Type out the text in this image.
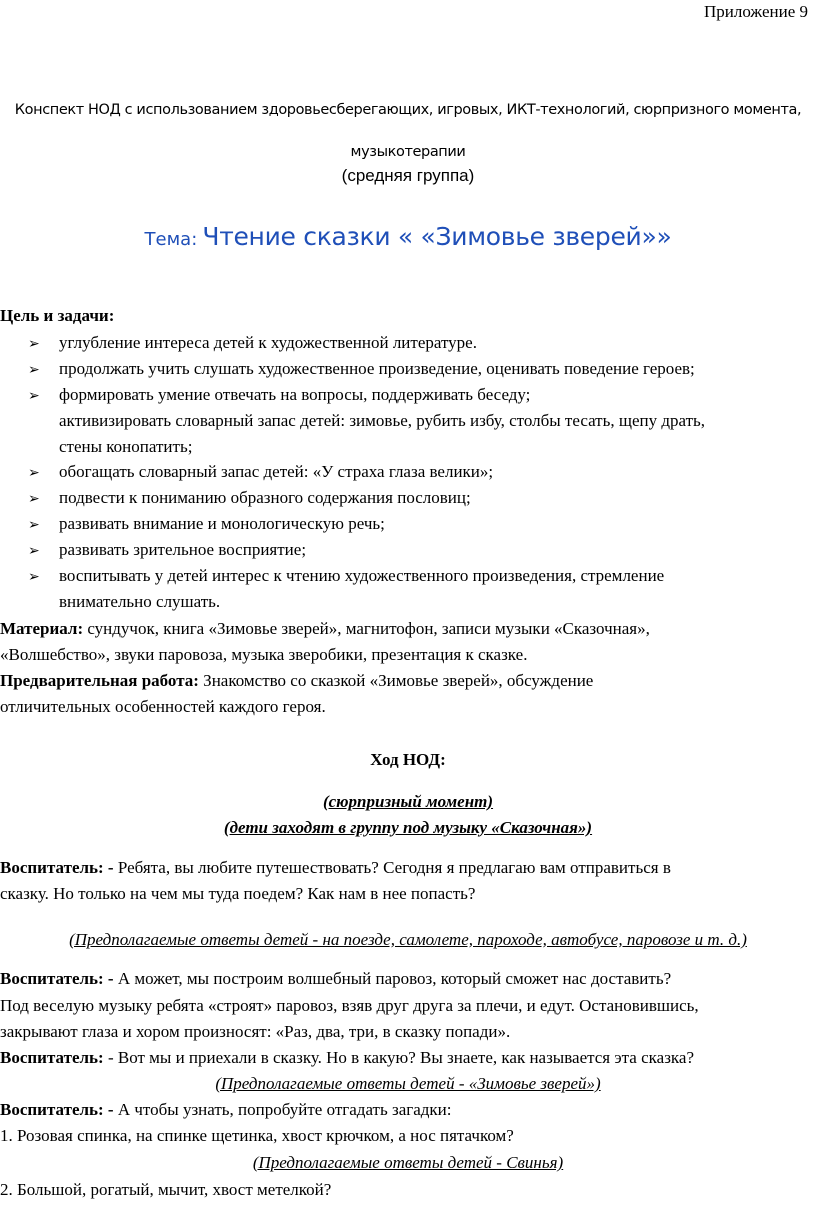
Приложение 9
Конспект НОД с использованием здоровьесберегающих, игровых, ИКТ-технологий, сюрпризного момента,
музыкотерапии
(средняя группа)
Тема: Чтение сказки « «Зимовье зверей»»
Цель и задачи:
➢ углубление интереса детей к художественной литературе.
➢ продолжать учить слушать художественное произведение, оценивать поведение героев;
➢ формировать умение отвечать на вопросы, поддерживать беседу;
активизировать словарный запас детей: зимовье, рубить избу, столбы тесать, щепу драть,
стены конопатить;
➢ обогащать словарный запас детей: «У страха глаза велики»;
➢ подвести к пониманию образного содержания пословиц;
➢ развивать внимание и монологическую речь;
➢ развивать зрительное восприятие;
➢ воспитывать у детей интерес к чтению художественного произведения, стремление
внимательно слушать.
Материал: сундучок, книга «Зимовье зверей», магнитофон, записи музыки «Сказочная»,
«Волшебство», звуки паровоза, музыка зверобики, презентация к сказке.
Предварительная работа: Знакомство со сказкой «Зимовье зверей», обсуждение
отличительных особенностей каждого героя.
Ход НОД:
(сюрпризный момент)
(дети заходят в группу под музыку «Сказочная»)
Воспитатель: - Ребята, вы любите путешествовать? Сегодня я предлагаю вам отправиться в
сказку. Но только на чем мы туда поедем? Как нам в нее попасть?
(Предполагаемые ответы детей - на поезде, самолете, пароходе, автобусе, паровозе и т. д.)
Воспитатель: - А может, мы построим волшебный паровоз, который сможет нас доставить?
Под веселую музыку ребята «строят» паровоз, взяв друг друга за плечи, и едут. Остановившись,
закрывают глаза и хором произносят: «Раз, два, три, в сказку попади».
Воспитатель: - Вот мы и приехали в сказку. Но в какую? Вы знаете, как называется эта сказка?
(Предполагаемые ответы детей - «Зимовье зверей»)
Воспитатель: - А чтобы узнать, попробуйте отгадать загадки:
1. Розовая спинка, на спинке щетинка, хвост крючком, а нос пятачком?
(Предполагаемые ответы детей - Свинья)
2. Большой, рогатый, мычит, хвост метелкой?
